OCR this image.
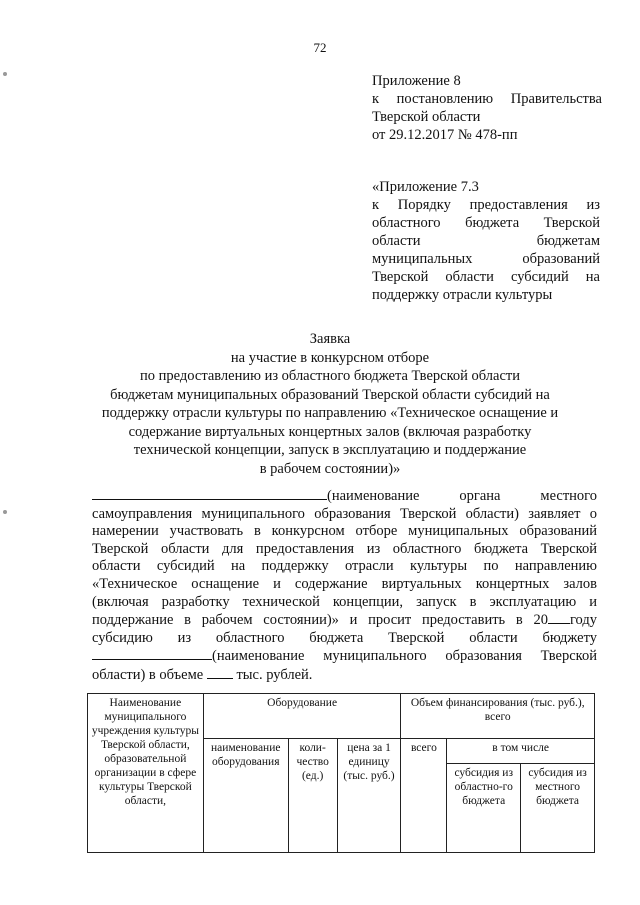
72
Приложение 8
к постановлению Правительства
Тверской области
от 29.12.2017 № 478-пп
«Приложение 7.3
к Порядку предоставления из
областного бюджета Тверской
области бюджетам
муниципальных образований
Тверской области субсидий на
поддержку отрасли культуры
Заявка
на участие в конкурсном отборе
по предоставлению из областного бюджета Тверской области
бюджетам муниципальных образований Тверской области субсидий на
поддержку отрасли культуры по направлению «Техническое оснащение и
содержание виртуальных концертных залов (включая разработку
технической концепции, запуск в эксплуатацию и поддержание
в рабочем состоянии)»
(наименование органа местного
самоуправления муниципального образования Тверской области) заявляет о
намерении участвовать в конкурсном отборе муниципальных образований
Тверской области для предоставления из областного бюджета Тверской
области субсидий на поддержку отрасли культуры по направлению
«Техническое оснащение и содержание виртуальных концертных залов
(включая разработку технической концепции, запуск в эксплуатацию и
поддержание в рабочем состоянии)» и просит предоставить в 20 году
субсидию из областного бюджета Тверской области бюджету
(наименование муниципального образования Тверской
области) в объеме  тыс. рублей.
Наименование муниципального учреждения культуры Тверской области, образовательной организации в сфере культуры Тверской области,	Оборудование			Объем финансирования (тыс. руб.), всего		
	наименование оборудования	коли-чество (ед.)	цена за 1 единицу (тыс. руб.)	всего	в том числе	
					субсидия из областно-го бюджета	субсидия из местного бюджета
